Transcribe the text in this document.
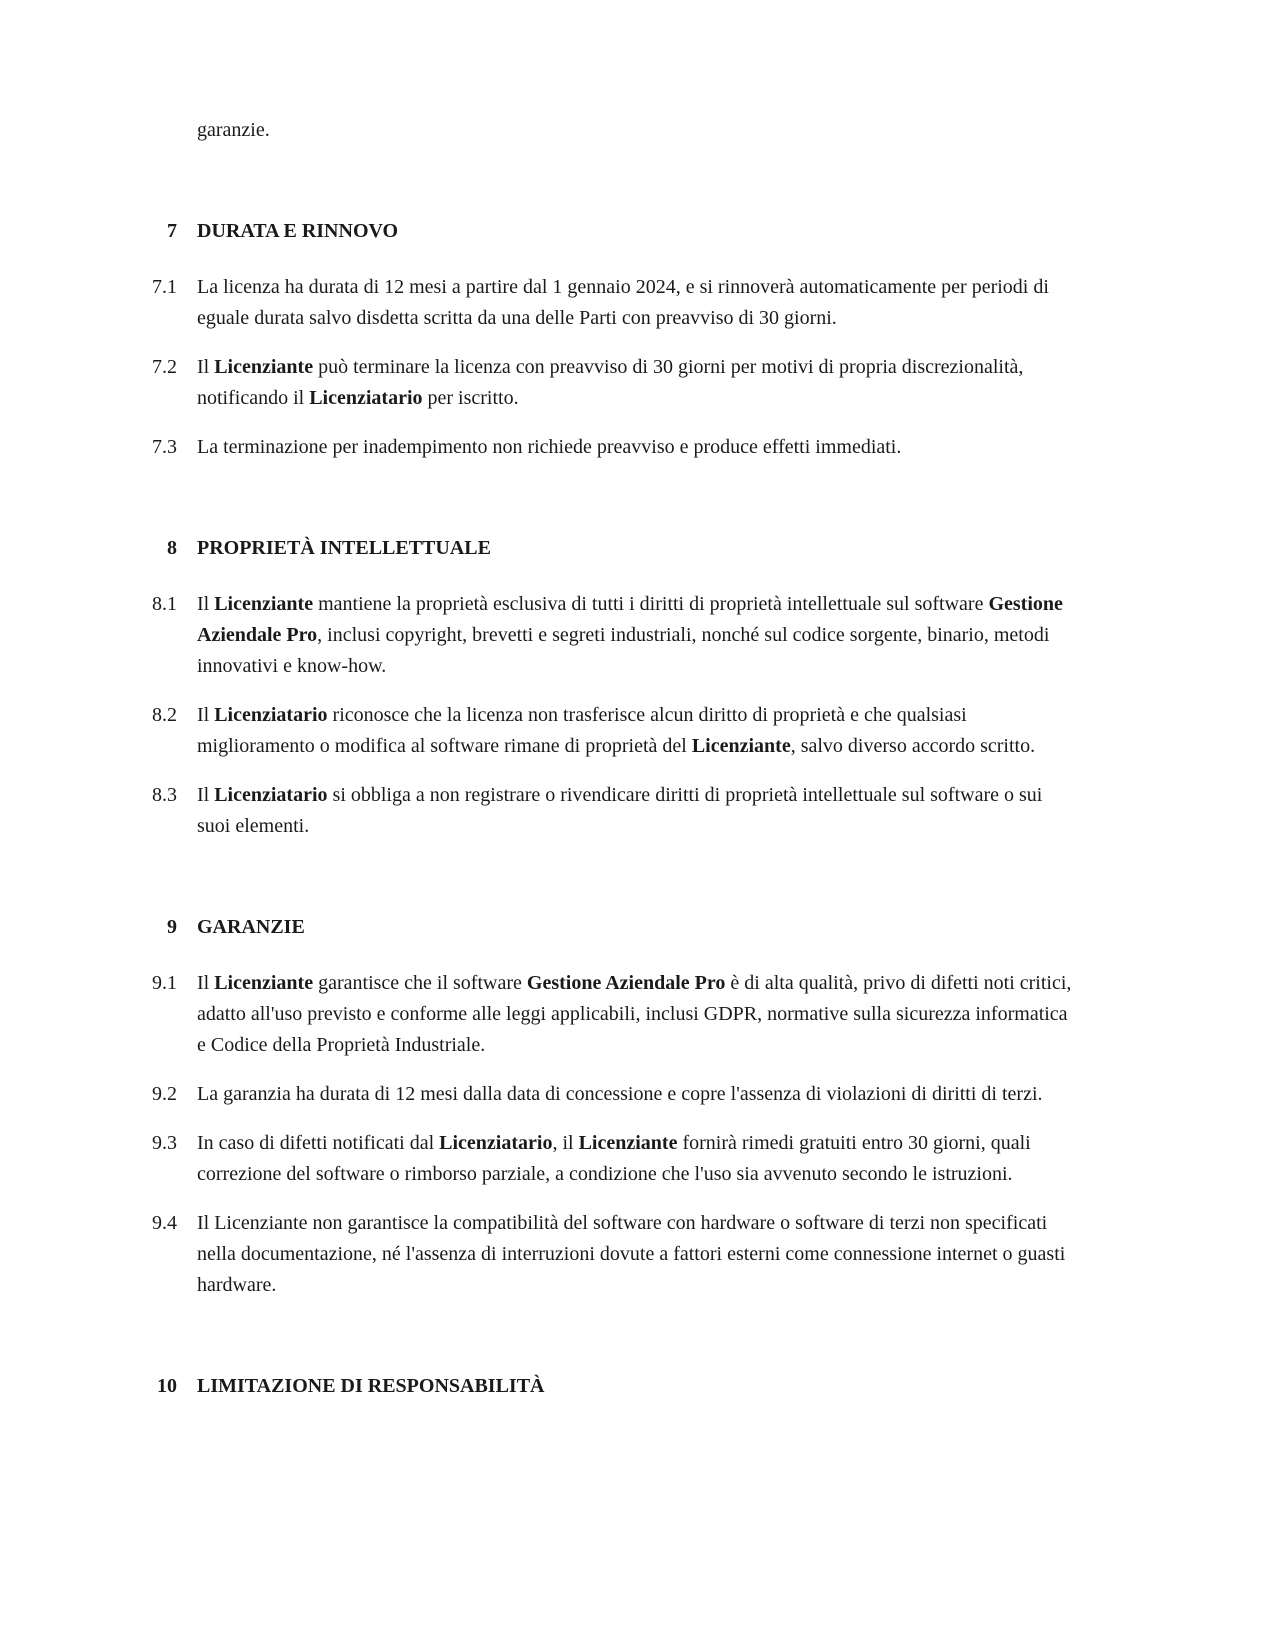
garanzie.

7 DURATA E RINNOVO
7.1 La licenza ha durata di 12 mesi a partire dal 1 gennaio 2024, e si rinnoverà automaticamente per periodi di eguale durata salvo disdetta scritta da una delle Parti con preavviso di 30 giorni.

7.2 Il Licenziante può terminare la licenza con preavviso di 30 giorni per motivi di propria discrezionalità, notificando il Licenziatario per iscritto.

7.3 La terminazione per inadempimento non richiede preavviso e produce effetti immediati.

8 PROPRIETÀ INTELLETTUALE
8.1 Il Licenziante mantiene la proprietà esclusiva di tutti i diritti di proprietà intellettuale sul software Gestione Aziendale Pro, inclusi copyright, brevetti e segreti industriali, nonché sul codice sorgente, binario, metodi innovativi e know-how.

8.2 Il Licenziatario riconosce che la licenza non trasferisce alcun diritto di proprietà e che qualsiasi miglioramento o modifica al software rimane di proprietà del Licenziante, salvo diverso accordo scritto.

8.3 Il Licenziatario si obbliga a non registrare o rivendicare diritti di proprietà intellettuale sul software o sui suoi elementi.

9 GARANZIE
9.1 Il Licenziante garantisce che il software Gestione Aziendale Pro è di alta qualità, privo di difetti noti critici, adatto all'uso previsto e conforme alle leggi applicabili, inclusi GDPR, normative sulla sicurezza informatica e Codice della Proprietà Industriale.

9.2 La garanzia ha durata di 12 mesi dalla data di concessione e copre l'assenza di violazioni di diritti di terzi.

9.3 In caso di difetti notificati dal Licenziatario, il Licenziante fornirà rimedi gratuiti entro 30 giorni, quali correzione del software o rimborso parziale, a condizione che l'uso sia avvenuto secondo le istruzioni.

9.4 Il Licenziante non garantisce la compatibilità del software con hardware o software di terzi non specificati nella documentazione, né l'assenza di interruzioni dovute a fattori esterni come connessione internet o guasti hardware.

10 LIMITAZIONE DI RESPONSABILITÀ
